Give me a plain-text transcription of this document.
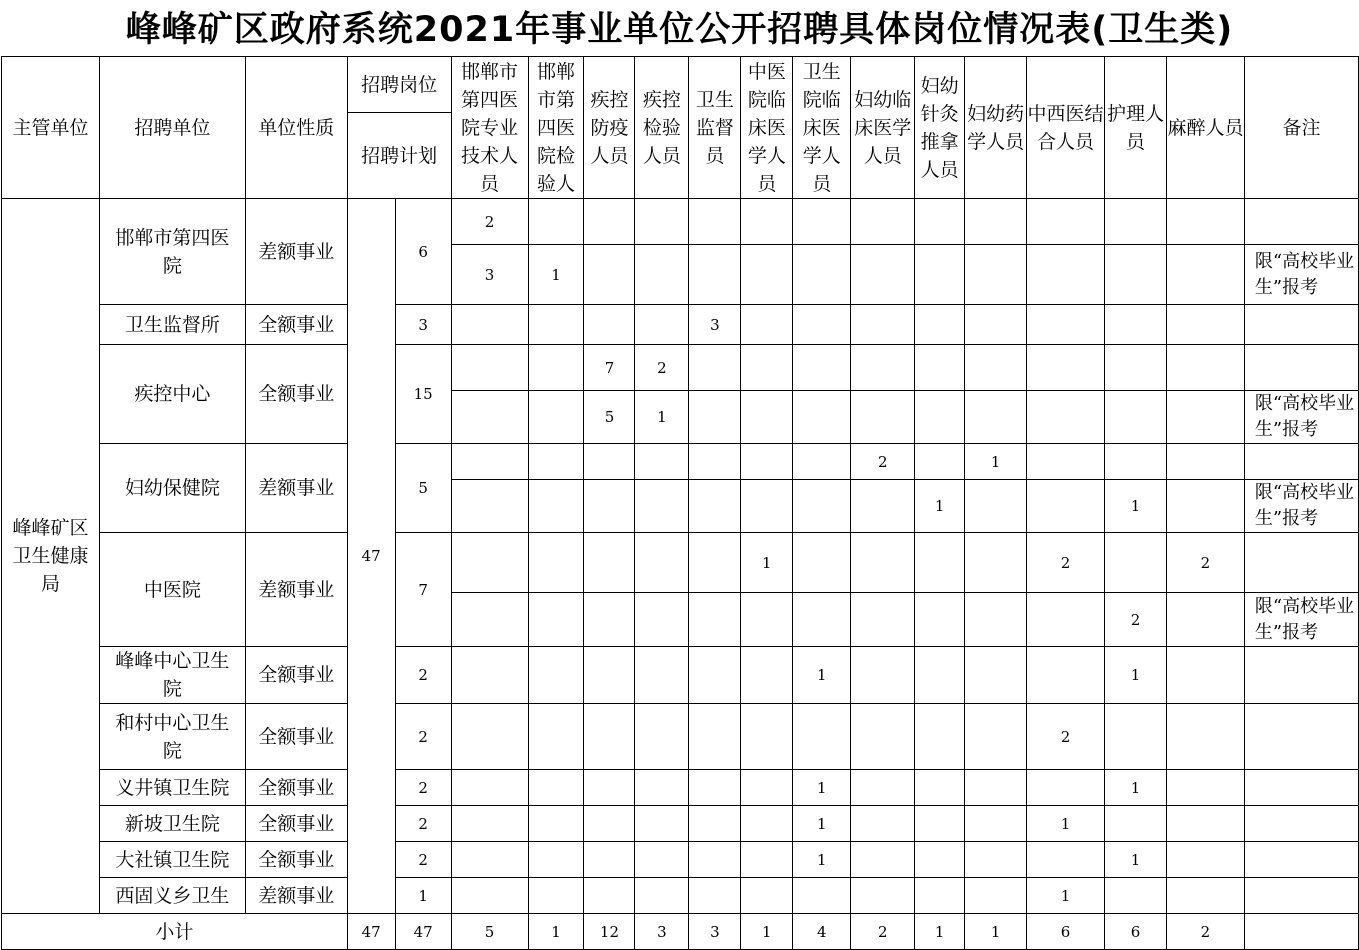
峰峰矿区政府系统2021年事业单位公开招聘具体岗位情况表(卫生类)
主管单位	招聘单位	单位性质	招聘岗位		邯郸市第四医院专业技术人员	邯郸市第四医院检验人	疾控防疫人员	疾控检验人员	卫生监督员	中医院临床医学人员	卫生院临床医学人员	妇幼临床医学人员	妇幼针灸推拿人员	妇幼药学人员	中西医结合人员	护理人员	麻醉人员	备注
			招聘计划															
峰峰矿区卫生健康局	邯郸市第四医院	差额事业	47	6	2													
					3	1												限“高校毕业生”报考
	卫生监督所	全额事业		3					3									
	疾控中心	全额事业		15			7	2										
							5	1										限“高校毕业生”报考
	妇幼保健院	差额事业		5								2		1				
													1			1		限“高校毕业生”报考
	中医院	差额事业		7						1					2		2	
																2		限“高校毕业生”报考
	峰峰中心卫生院	全额事业		2							1					1		
	和村中心卫生院	全额事业		2											2			
	义井镇卫生院	全额事业		2							1					1		
	新坡卫生院	全额事业		2							1				1			
	大社镇卫生院	全额事业		2							1					1		
	西固义乡卫生	差额事业		1											1			
小计			47	47	5	1	12	3	3	1	4	2	1	1	6	6	2	
